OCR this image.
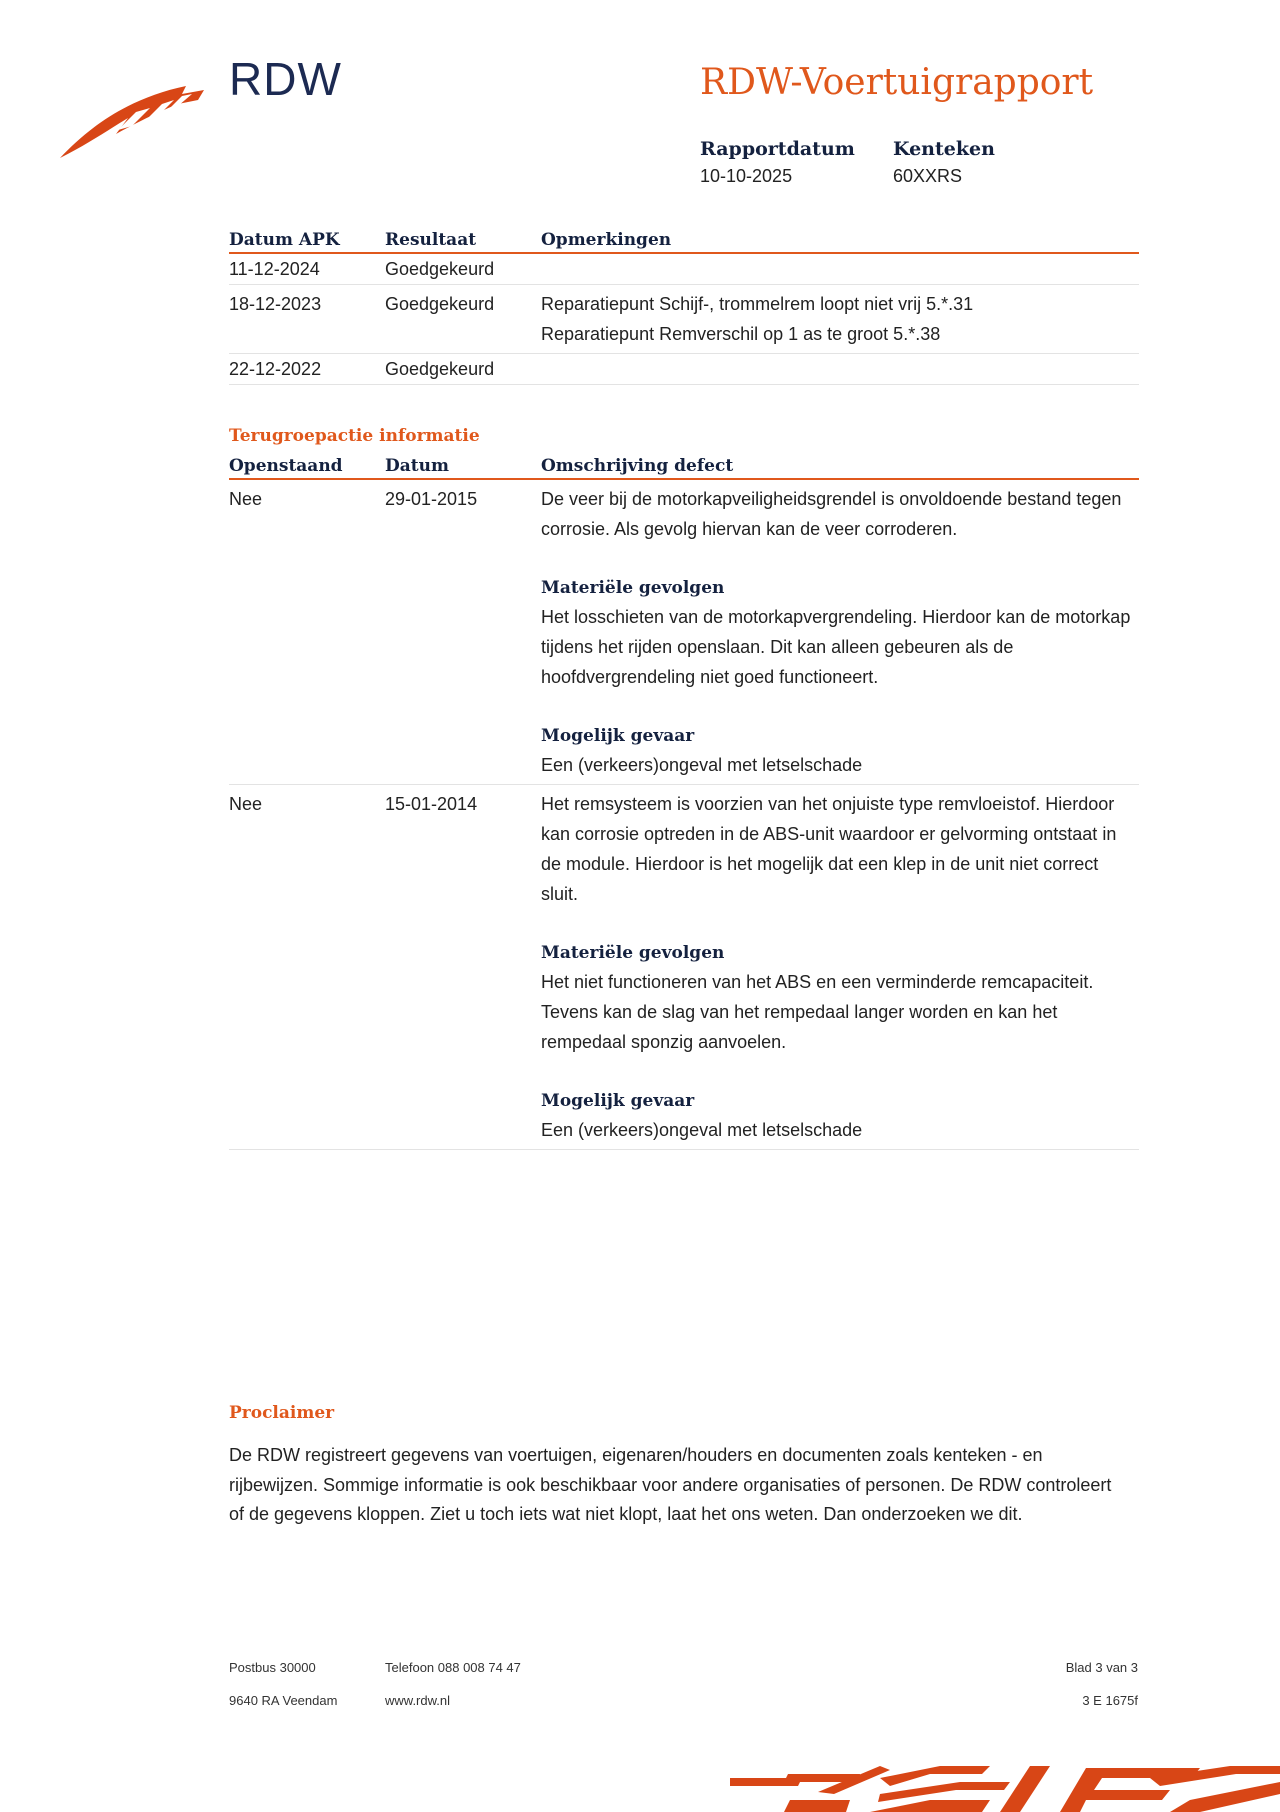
RDW	RDW-Voertuigrapport
Rapportdatum
10-10-2025
Kenteken
60XXRS
Datum APK	Resultaat	Opmerkingen
11-12-2024	Goedgekeurd	
18-12-2023	Goedgekeurd	Reparatiepunt Schijf-, trommelrem loopt niet vrij 5.*.31
Reparatiepunt Remverschil op 1 as te groot 5.*.38

22-12-2022	Goedgekeurd	
Terugroepactie informatie
Openstaand	Datum	Omschrijving defect
Nee	29-01-2015	De veer bij de motorkapveiligheidsgrendel is onvoldoende bestand tegen corrosie. Als gevolg hiervan kan de veer corroderen.
Materiële gevolgen
Het losschieten van de motorkapvergrendeling. Hierdoor kan de motorkap tijdens het rijden openslaan. Dit kan alleen gebeuren als de hoofdvergrendeling niet goed functioneert.
Mogelijk gevaar
Een (verkeers)ongeval met letselschade

Nee	15-01-2014	Het remsysteem is voorzien van het onjuiste type remvloeistof. Hierdoor kan corrosie optreden in de ABS-unit waardoor er gelvorming ontstaat in de module. Hierdoor is het mogelijk dat een klep in de unit niet correct sluit.
Materiële gevolgen
Het niet functioneren van het ABS en een verminderde remcapaciteit. Tevens kan de slag van het rempedaal langer worden en kan het rempedaal sponzig aanvoelen.
Mogelijk gevaar
Een (verkeers)ongeval met letselschade
Proclaimer
De RDW registreert gegevens van voertuigen, eigenaren/houders en documenten zoals kenteken - en rijbewijzen. Sommige informatie is ook beschikbaar voor andere organisaties of personen. De RDW controleert of de gegevens kloppen. Ziet u toch iets wat niet klopt, laat het ons weten. Dan onderzoeken we dit.
Postbus 30000
9640 RA Veendam
Telefoon 088 008 74 47
www.rdw.nl
Blad 3 van 3
3 E 1675f
